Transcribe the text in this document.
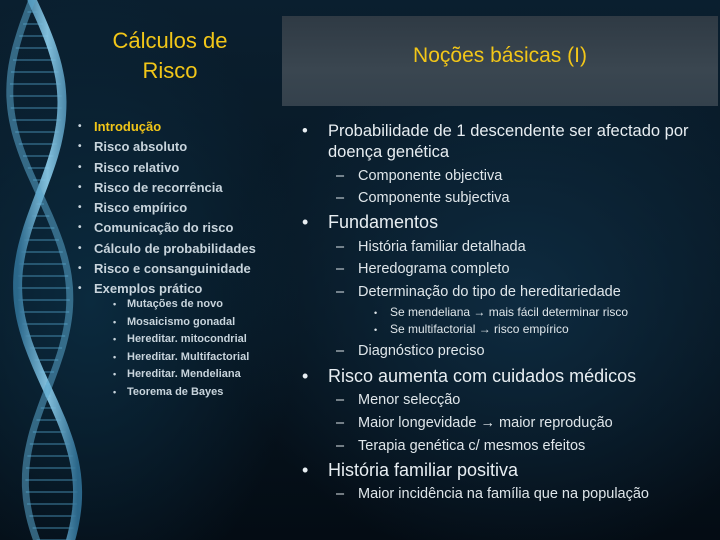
Cálculos de
Risco
• Introdução
• Risco absoluto
• Risco relativo
• Risco de recorrência
• Risco empírico
• Comunicação do risco
• Cálculo de probabilidades
• Risco e consanguinidade
• Exemplos prático
• Mutações de novo
• Mosaicismo gonadal
• Hereditar. mitocondrial
• Hereditar. Multifactorial
• Hereditar. Mendeliana
• Teorema de Bayes
Noções básicas (I)
• Probabilidade de 1 descendente ser afectado por doença genética
– Componente objectiva
– Componente subjectiva
• Fundamentos
– História familiar detalhada
– Heredograma completo
– Determinação do tipo de hereditariedade
• Se mendeliana → mais fácil determinar risco
• Se multifactorial → risco empírico
– Diagnóstico preciso
• Risco aumenta com cuidados médicos
– Menor selecção
– Maior longevidade → maior reprodução
– Terapia genética c/ mesmos efeitos
• História familiar positiva
– Maior incidência na família que na população
